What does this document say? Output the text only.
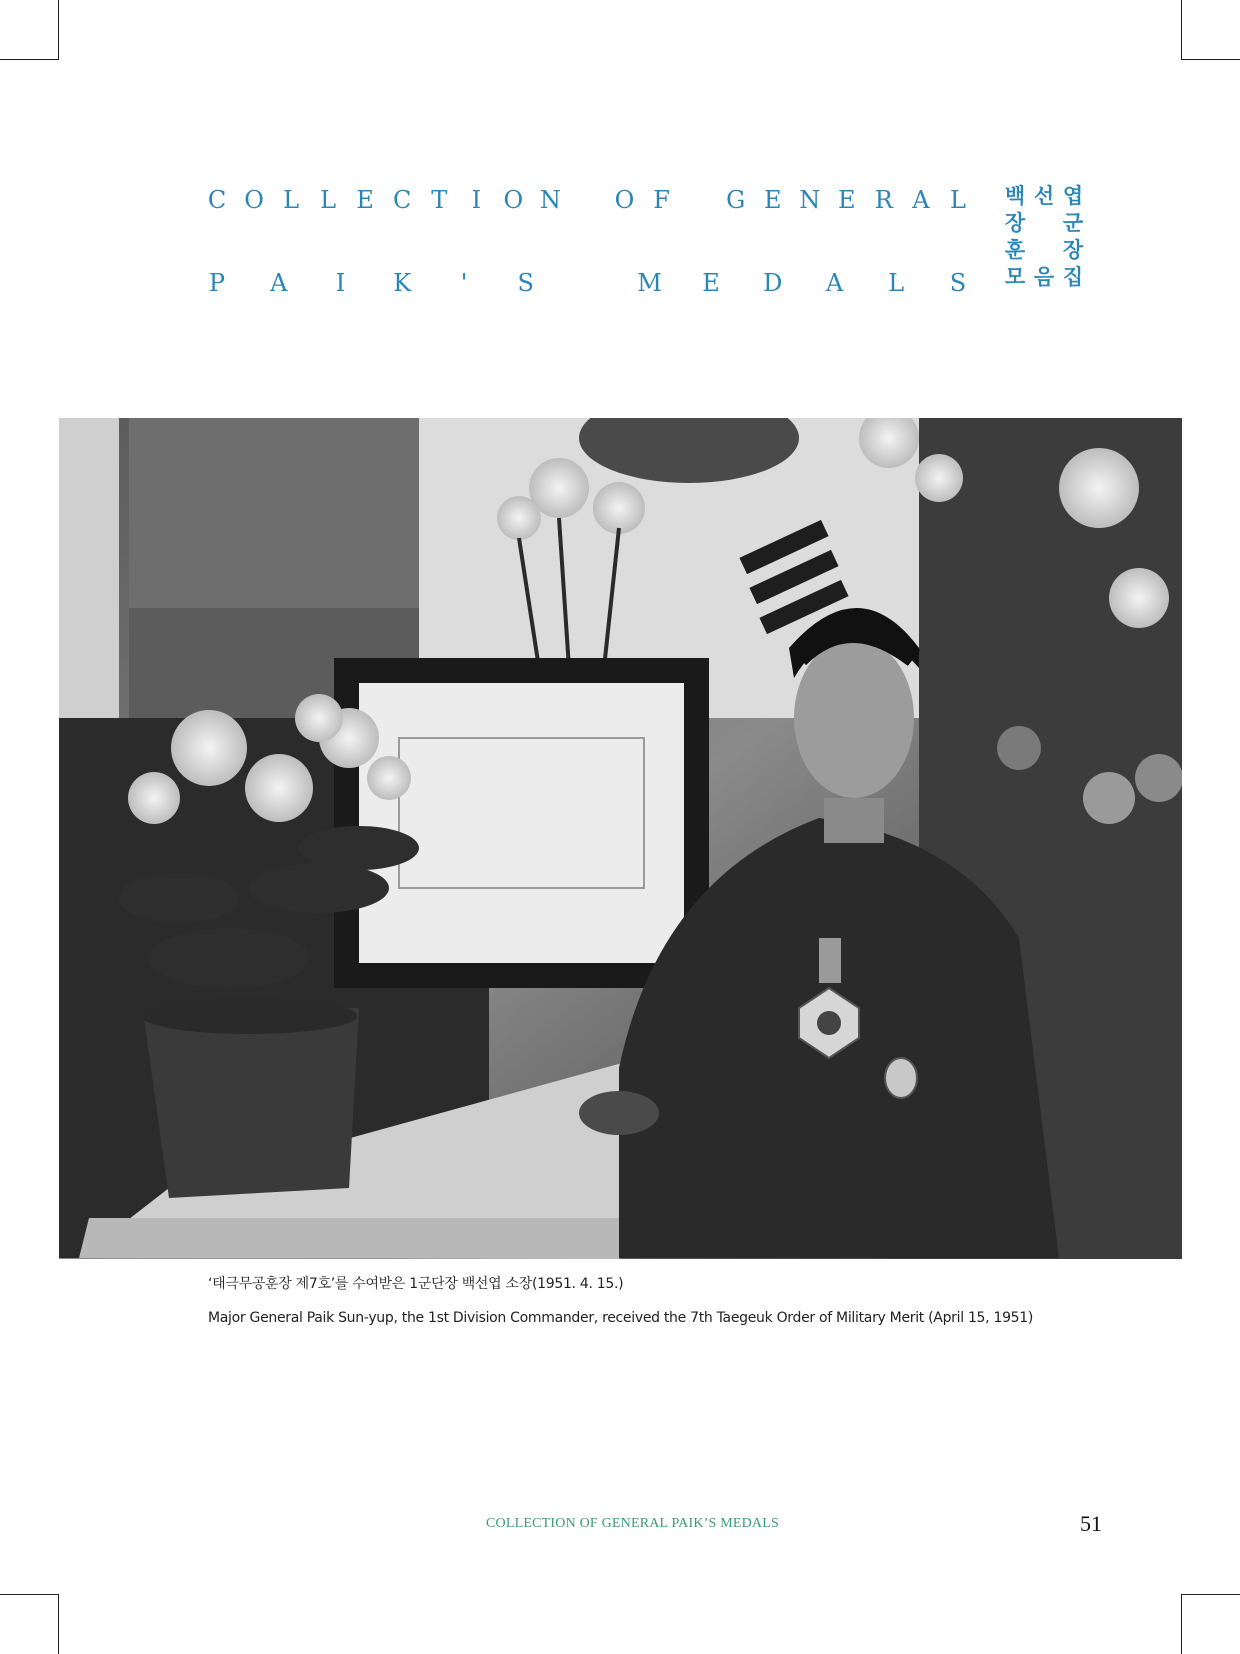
C O L L E C T	I O N O F G E N E R A L
P A	I	K	'	S	M E D A L S
백 선 엽
장 군
훈 장
모 음 집
‘태극무공훈장 제7호’를 수여받은 1군단장 백선엽 소장(1951. 4. 15.)
Major General Paik Sun-yup, the 1st Division Commander, received the 7th Taegeuk Order of Military Merit (April 15, 1951)
COLLECTION OF GENERAL PAIK’S MEDALS	51
